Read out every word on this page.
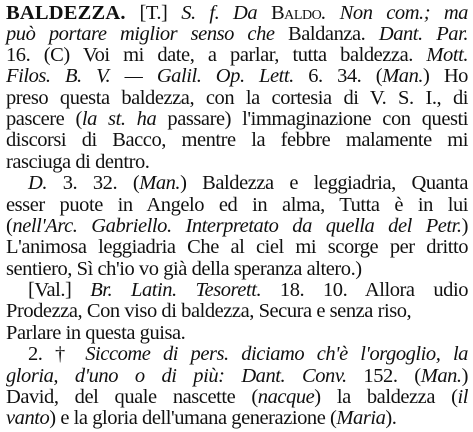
BALDEZZA. [T.] S. f. Da Baldo. Non com.; ma
può portare miglior senso che Baldanza. Dant. Par.
16. (C) Voi mi date, a parlar, tutta baldezza. Mott.
Filos. B. V. — Galil. Op. Lett. 6. 34. (Man.) Ho
preso questa baldezza, con la cortesia di V. S. I., di
pascere (la st. ha passare) l'immaginazione con questi
discorsi di Bacco, mentre la febbre malamente mi
rasciuga di dentro.
D. 3. 32. (Man.) Baldezza e leggiadria, Quanta
esser puote in Angelo ed in alma, Tutta è in lui
(nell'Arc. Gabriello. Interpretato da quella del Petr.)
L'animosa leggiadria Che al ciel mi scorge per dritto
sentiero, Sì ch'io vo già della speranza altero.)
[Val.] Br. Latin. Tesorett. 18. 10. Allora udio
Prodezza, Con viso di baldezza, Secura e senza riso,
Parlare in questa guisa.
2. † Siccome di pers. diciamo ch'è l'orgoglio, la
gloria, d'uno o di più: Dant. Conv. 152. (Man.)
David, del quale nascette (nacque) la baldezza (il
vanto) e la gloria dell'umana generazione (Maria).
